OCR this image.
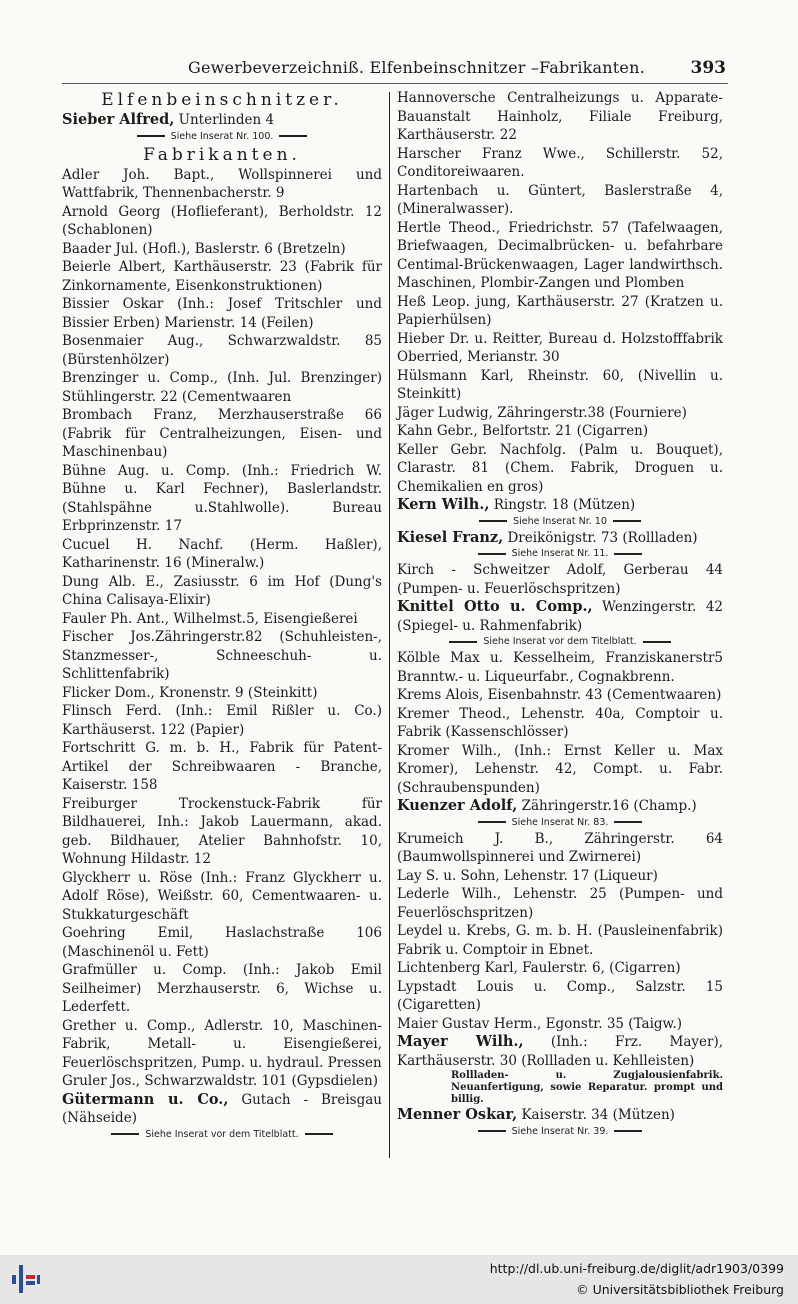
Gewerbeverzeichniß. Elfenbeinschnitzer –Fabrikanten.	393
Elfenbeinschnitzer.
Sieber Alfred, Unterlinden 4
Siehe Inserat Nr. 100.
Fabrikanten.
Adler Joh. Bapt., Wollspinnerei und Wattfabrik, Thennenbacherstr. 9
Arnold Georg (Hoflieferant), Berholdstr. 12 (Schablonen)
Baader Jul. (Hofl.), Baslerstr. 6 (Bretzeln)
Beierle Albert, Karthäuserstr. 23 (Fabrik für Zinkornamente, Eisenkonstruktionen)
Bissier Oskar (Inh.: Josef Tritschler und Bissier Erben) Marienstr. 14 (Feilen)
Bosenmaier Aug., Schwarzwaldstr. 85 (Bürstenhölzer)
Brenzinger u. Comp., (Inh. Jul. Brenzinger) Stühlingerstr. 22 (Cementwaaren
Brombach Franz, Merzhauserstraße 66 (Fabrik für Centralheizungen, Eisen- und Maschinenbau)
Bühne Aug. u. Comp. (Inh.: Friedrich W. Bühne u. Karl Fechner), Baslerlandstr. (Stahlspähne u.Stahlwolle). Bureau Erbprinzenstr. 17
Cucuel H. Nachf. (Herm. Haßler), Katharinenstr. 16 (Mineralw.)
Dung Alb. E., Zasiusstr. 6 im Hof (Dung's China Calisaya-Elixir)
Fauler Ph. Ant., Wilhelmst.5, Eisengießerei
Fischer Jos.Zähringerstr.82 (Schuhleisten-, Stanzmesser-, Schneeschuh- u. Schlittenfabrik)
Flicker Dom., Kronenstr. 9 (Steinkitt)
Flinsch Ferd. (Inh.: Emil Rißler u. Co.) Karthäuserst. 122 (Papier)
Fortschritt G. m. b. H., Fabrik für Patent-Artikel der Schreibwaaren - Branche, Kaiserstr. 158
Freiburger Trockenstuck-Fabrik für Bildhauerei, Inh.: Jakob Lauermann, akad. geb. Bildhauer, Atelier Bahnhofstr. 10, Wohnung Hildastr. 12
Glyckherr u. Röse (Inh.: Franz Glyckherr u. Adolf Röse), Weißstr. 60, Cementwaaren- u. Stukkaturgeschäft
Goehring Emil, Haslachstraße 106 (Maschinenöl u. Fett)
Grafmüller u. Comp. (Inh.: Jakob Emil Seilheimer) Merzhauserstr. 6, Wichse u. Lederfett.
Grether u. Comp., Adlerstr. 10, Maschinen-Fabrik, Metall- u. Eisengießerei, Feuerlöschspritzen, Pump. u. hydraul. Pressen
Gruler Jos., Schwarzwaldstr. 101 (Gypsdielen)
Gütermann u. Co., Gutach - Breisgau (Nähseide)
Siehe Inserat vor dem Titelblatt.
Hannoversche Centralheizungs u. Apparate-Bauanstalt Hainholz, Filiale Freiburg, Karthäuserstr. 22
Harscher Franz Wwe., Schillerstr. 52, Conditoreiwaaren.
Hartenbach u. Güntert, Baslerstraße 4, (Mineralwasser).
Hertle Theod., Friedrichstr. 57 (Tafelwaagen, Briefwaagen, Decimalbrücken- u. befahrbare Centimal-Brückenwaagen, Lager landwirthsch. Maschinen, Plombir-Zangen und Plomben
Heß Leop. jung, Karthäuserstr. 27 (Kratzen u. Papierhülsen)
Hieber Dr. u. Reitter, Bureau d. Holzstofffabrik Oberried, Merianstr. 30
Hülsmann Karl, Rheinstr. 60, (Nivellin u. Steinkitt)
Jäger Ludwig, Zähringerstr.38 (Fourniere)
Kahn Gebr., Belfortstr. 21 (Cigarren)
Keller Gebr. Nachfolg. (Palm u. Bouquet), Clarastr. 81 (Chem. Fabrik, Droguen u. Chemikalien en gros)
Kern Wilh., Ringstr. 18 (Mützen)
Siehe Inserat Nr. 10
Kiesel Franz, Dreikönigstr. 73 (Rollladen)
Siehe Inserat Nr. 11.
Kirch - Schweitzer Adolf, Gerberau 44 (Pumpen- u. Feuerlöschspritzen)
Knittel Otto u. Comp., Wenzingerstr. 42 (Spiegel- u. Rahmenfabrik)
Siehe Inserat vor dem Titelblatt.
Kölble Max u. Kesselheim, Franziskanerstr5 Branntw.- u. Liqueurfabr., Cognakbrenn.
Krems Alois, Eisenbahnstr. 43 (Cementwaaren)
Kremer Theod., Lehenstr. 40a, Comptoir u. Fabrik (Kassenschlösser)
Kromer Wilh., (Inh.: Ernst Keller u. Max Kromer), Lehenstr. 42, Compt. u. Fabr. (Schraubenspunden)
Kuenzer Adolf, Zähringerstr.16 (Champ.)
Siehe Inserat Nr. 83.
Krumeich J. B., Zähringerstr. 64 (Baumwollspinnerei und Zwirnerei)
Lay S. u. Sohn, Lehenstr. 17 (Liqueur)
Lederle Wilh., Lehenstr. 25 (Pumpen- und Feuerlöschspritzen)
Leydel u. Krebs, G. m. b. H. (Pausleinenfabrik) Fabrik u. Comptoir in Ebnet.
Lichtenberg Karl, Faulerstr. 6, (Cigarren)
Lypstadt Louis u. Comp., Salzstr. 15 (Cigaretten)
Maier Gustav Herm., Egonstr. 35 (Taigw.)
Mayer Wilh., (Inh.: Frz. Mayer), Karthäuserstr. 30 (Rollladen u. Kehlleisten)
Rollladen- u. Zugjalousienfabrik. Neuanfertigung, sowie Reparatur. prompt und billig.
Menner Oskar, Kaiserstr. 34 (Mützen)
Siehe Inserat Nr. 39.
http://dl.ub.uni-freiburg.de/diglit/adr1903/0399
© Universitätsbibliothek Freiburg
